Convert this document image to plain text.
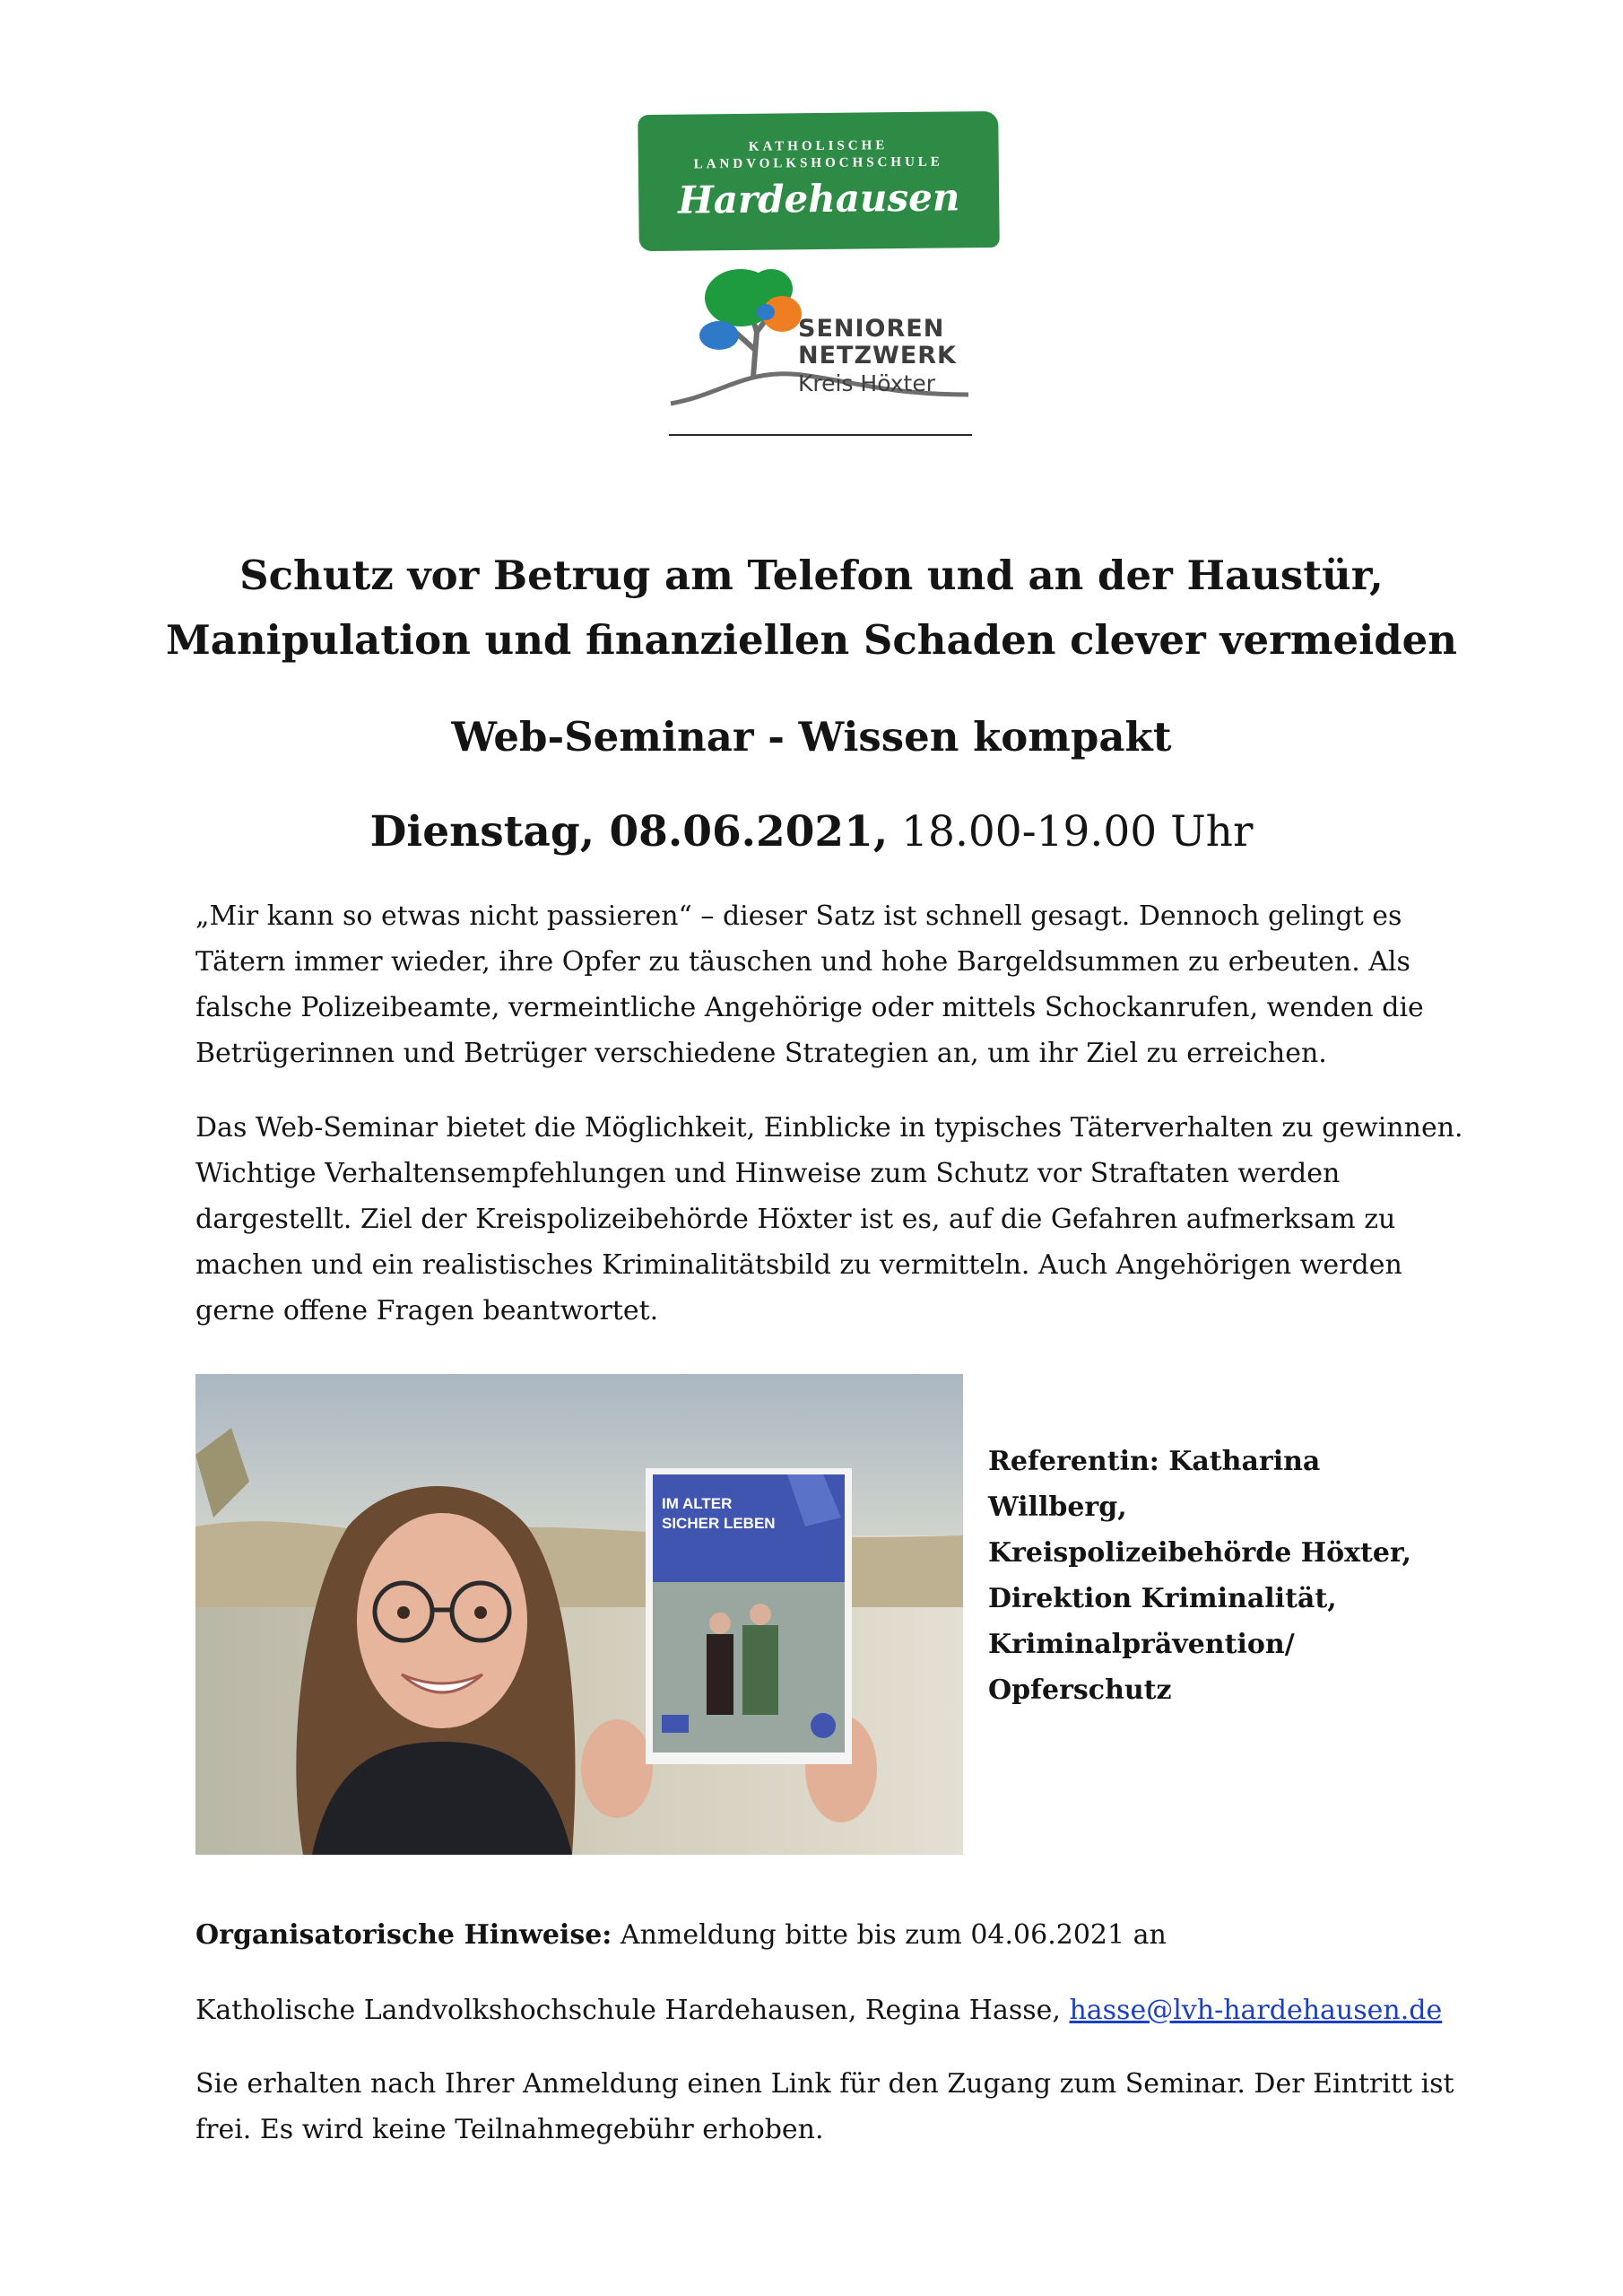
KATHOLISCHE
LANDVOLKSHOCHSCHULE
Hardehausen
SENIOREN
NETZWERK
Kreis Höxter
Schutz vor Betrug am Telefon und an der Haustür,
Manipulation und finanziellen Schaden clever vermeiden
Web-Seminar - Wissen kompakt
Dienstag, 08.06.2021, 18.00-19.00 Uhr

„Mir kann so etwas nicht passieren“ – dieser Satz ist schnell gesagt. Dennoch gelingt es Tätern immer wieder, ihre Opfer zu täuschen und hohe Bargeldsummen zu erbeuten. Als falsche Polizeibeamte, vermeintliche Angehörige oder mittels Schockanrufen, wenden die Betrügerinnen und Betrüger verschiedene Strategien an, um ihr Ziel zu erreichen.

Das Web-Seminar bietet die Möglichkeit, Einblicke in typisches Täterverhalten zu gewinnen. Wichtige Verhaltensempfehlungen und Hinweise zum Schutz vor Straftaten werden dargestellt. Ziel der Kreispolizeibehörde Höxter ist es, auf die Gefahren aufmerksam zu machen und ein realistisches Kriminalitätsbild zu vermitteln. Auch Angehörigen werden gerne offene Fragen beantwortet.

IM ALTER
SICHER LEBEN
Referentin: Katharina Willberg,
Kreispolizeibehörde Höxter,
Direktion Kriminalität,
Kriminalprävention/
Opferschutz

Organisatorische Hinweise: Anmeldung bitte bis zum 04.06.2021 an

Katholische Landvolkshochschule Hardehausen, Regina Hasse, hasse@lvh-hardehausen.de

Sie erhalten nach Ihrer Anmeldung einen Link für den Zugang zum Seminar. Der Eintritt ist frei. Es wird keine Teilnahmegebühr erhoben.
